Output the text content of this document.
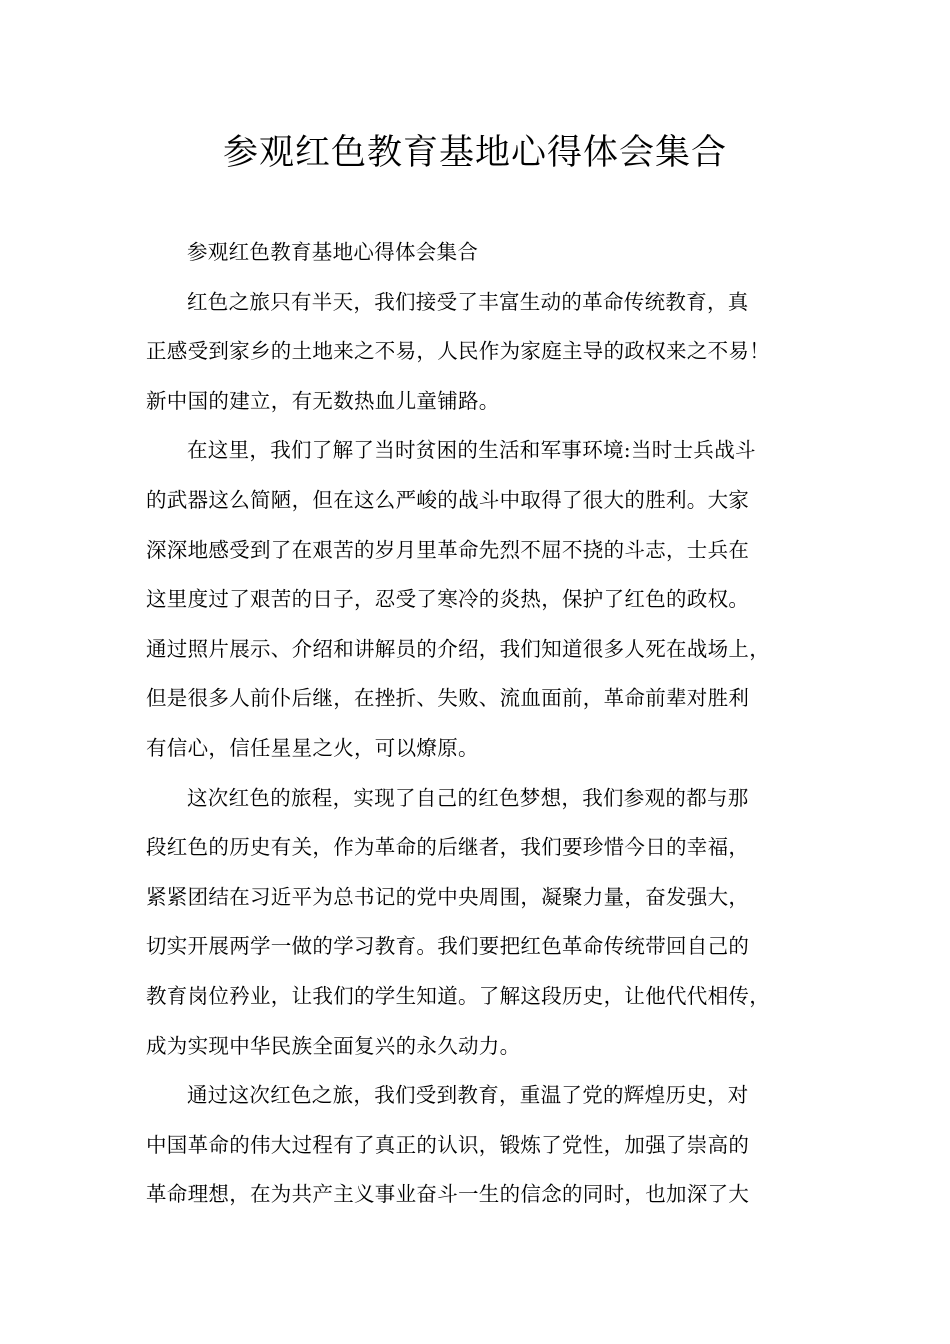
参观红色教育基地心得体会集合

参观红色教育基地心得体会集合

红色之旅只有半天，我们接受了丰富生动的革命传统教育，真
正感受到家乡的土地来之不易，人民作为家庭主导的政权来之不易！
新中国的建立，有无数热血儿童铺路。

在这里，我们了解了当时贫困的生活和军事环境:当时士兵战斗
的武器这么简陋，但在这么严峻的战斗中取得了很大的胜利。大家
深深地感受到了在艰苦的岁月里革命先烈不屈不挠的斗志，士兵在
这里度过了艰苦的日子，忍受了寒冷的炎热，保护了红色的政权。
通过照片展示、介绍和讲解员的介绍，我们知道很多人死在战场上，
但是很多人前仆后继，在挫折、失败、流血面前，革命前辈对胜利
有信心，信任星星之火，可以燎原。

这次红色的旅程，实现了自己的红色梦想，我们参观的都与那
段红色的历史有关，作为革命的后继者，我们要珍惜今日的幸福，
紧紧团结在习近平为总书记的党中央周围，凝聚力量，奋发强大，
切实开展两学一做的学习教育。我们要把红色革命传统带回自己的
教育岗位矜业，让我们的学生知道。了解这段历史，让他代代相传，
成为实现中华民族全面复兴的永久动力。

通过这次红色之旅，我们受到教育，重温了党的辉煌历史，对
中国革命的伟大过程有了真正的认识，锻炼了党性，加强了崇高的
革命理想，在为共产主义事业奋斗一生的信念的同时，也加深了大
